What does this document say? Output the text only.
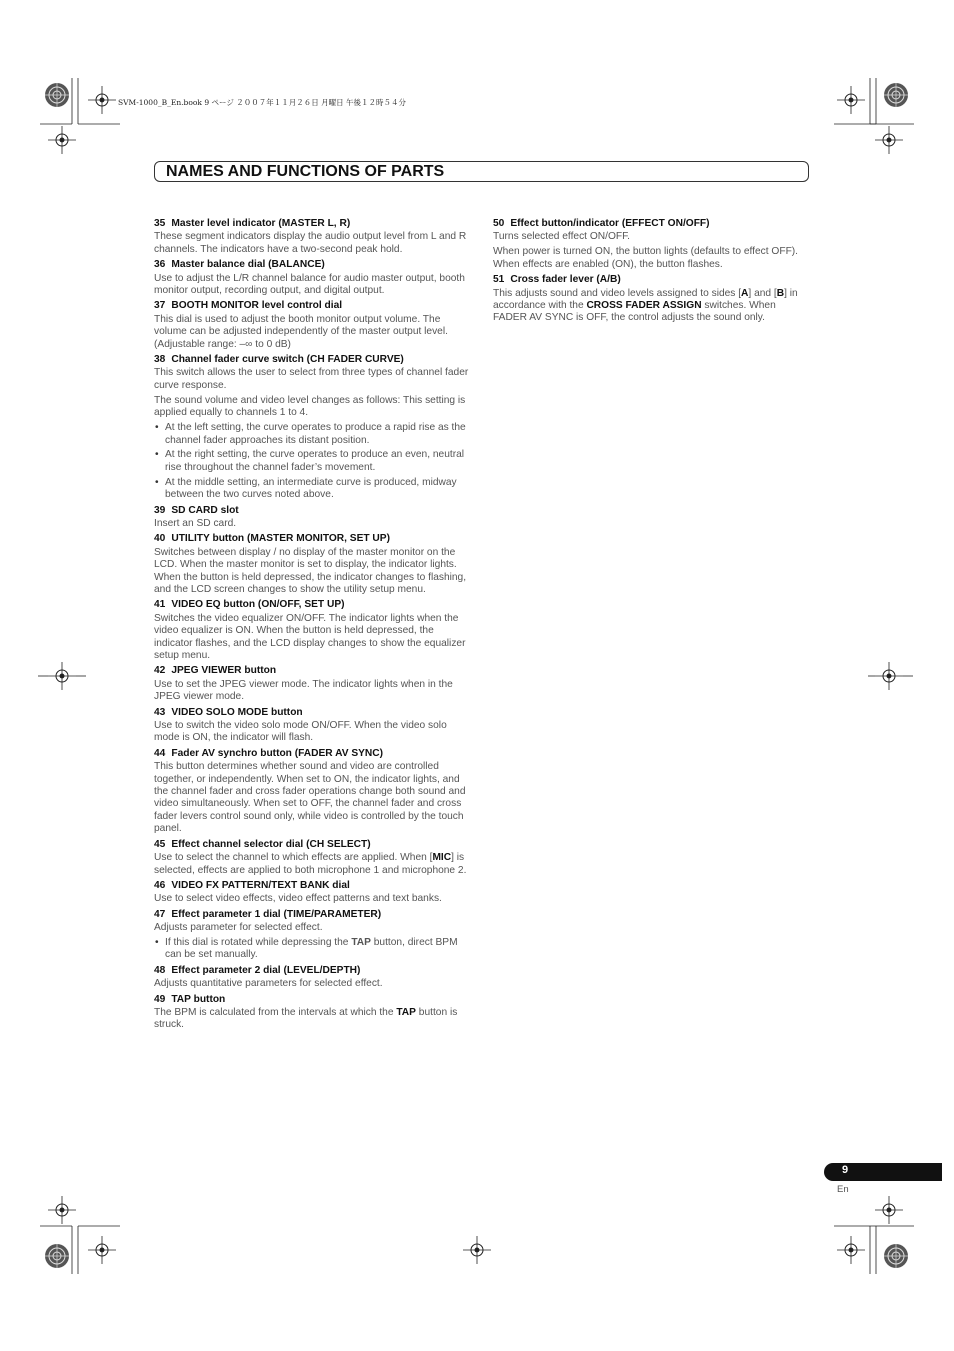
SVM-1000_B_En.book 9 ページ ２００７年１１月２６日 月曜日 午後１２時５４分
NAMES AND FUNCTIONS OF PARTS
35 Master level indicator (MASTER L, R)
These segment indicators display the audio output level from L and R channels. The indicators have a two-second peak hold.
36 Master balance dial (BALANCE)
Use to adjust the L/R channel balance for audio master output, booth monitor output, recording output, and digital output.
37 BOOTH MONITOR level control dial
This dial is used to adjust the booth monitor output volume. The volume can be adjusted independently of the master output level. (Adjustable range: –∞ to 0 dB)
38 Channel fader curve switch (CH FADER CURVE)
This switch allows the user to select from three types of channel fader curve response.
The sound volume and video level changes as follows: This setting is applied equally to channels 1 to 4.
• At the left setting, the curve operates to produce a rapid rise as the channel fader approaches its distant position.
• At the right setting, the curve operates to produce an even, neutral rise throughout the channel fader’s movement.
• At the middle setting, an intermediate curve is produced, midway between the two curves noted above.
39 SD CARD slot
Insert an SD card.
40 UTILITY button (MASTER MONITOR, SET UP)
Switches between display / no display of the master monitor on the LCD. When the master monitor is set to display, the indicator lights. When the button is held depressed, the indicator changes to flashing, and the LCD screen changes to show the utility setup menu.
41 VIDEO EQ button (ON/OFF, SET UP)
Switches the video equalizer ON/OFF. The indicator lights when the video equalizer is ON. When the button is held depressed, the indicator flashes, and the LCD display changes to show the equalizer setup menu.
42 JPEG VIEWER button
Use to set the JPEG viewer mode. The indicator lights when in the JPEG viewer mode.
43 VIDEO SOLO MODE button
Use to switch the video solo mode ON/OFF. When the video solo mode is ON, the indicator will flash.
44 Fader AV synchro button (FADER AV SYNC)
This button determines whether sound and video are controlled together, or independently. When set to ON, the indicator lights, and the channel fader and cross fader operations change both sound and video simultaneously. When set to OFF, the channel fader and cross fader levers control sound only, while video is controlled by the touch panel.
45 Effect channel selector dial (CH SELECT)
Use to select the channel to which effects are applied. When [MIC] is selected, effects are applied to both microphone 1 and microphone 2.
46 VIDEO FX PATTERN/TEXT BANK dial
Use to select video effects, video effect patterns and text banks.
47 Effect parameter 1 dial (TIME/PARAMETER)
Adjusts parameter for selected effect.
• If this dial is rotated while depressing the TAP button, direct BPM can be set manually.
48 Effect parameter 2 dial (LEVEL/DEPTH)
Adjusts quantitative parameters for selected effect.
49 TAP button
The BPM is calculated from the intervals at which the TAP button is struck.
50 Effect button/indicator (EFFECT ON/OFF)
Turns selected effect ON/OFF.
When power is turned ON, the button lights (defaults to effect OFF). When effects are enabled (ON), the button flashes.
51 Cross fader lever (A/B)
This adjusts sound and video levels assigned to sides [A] and [B] in accordance with the CROSS FADER ASSIGN switches. When FADER AV SYNC is OFF, the control adjusts the sound only.
9
En
